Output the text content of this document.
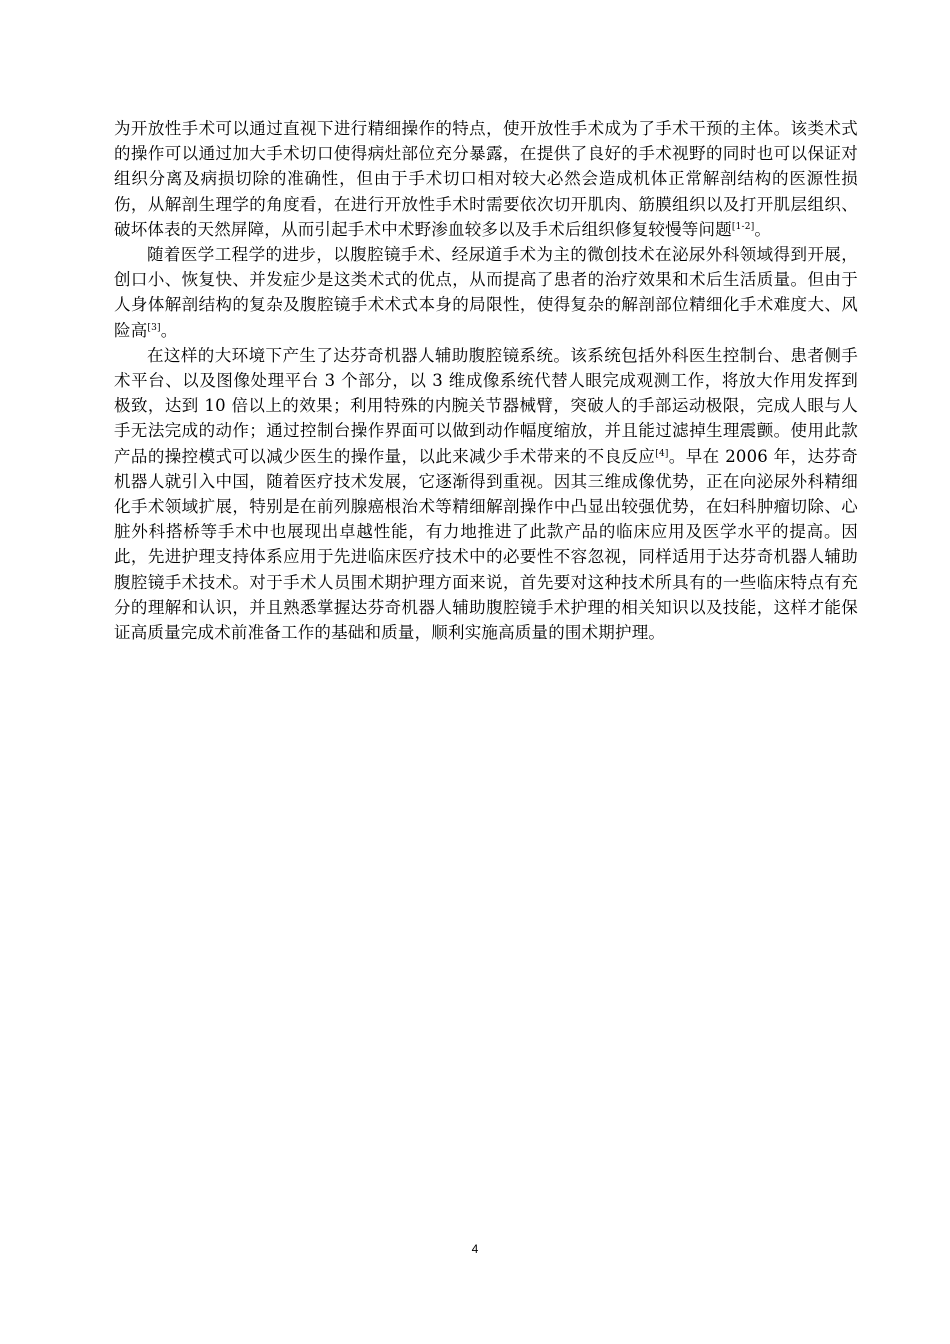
为开放性手术可以通过直视下进行精细操作的特点，使开放性手术成为了手术干预的主体。该类术式的操作可以通过加大手术切口使得病灶部位充分暴露，在提供了良好的手术视野的同时也可以保证对组织分离及病损切除的准确性，但由于手术切口相对较大必然会造成机体正常解剖结构的医源性损伤，从解剖生理学的角度看，在进行开放性手术时需要依次切开肌肉、筋膜组织以及打开肌层组织、破坏体表的天然屏障，从而引起手术中术野渗血较多以及手术后组织修复较慢等问题[1-2]。

随着医学工程学的进步，以腹腔镜手术、经尿道手术为主的微创技术在泌尿外科领域得到开展，创口小、恢复快、并发症少是这类术式的优点，从而提高了患者的治疗效果和术后生活质量。但由于人身体解剖结构的复杂及腹腔镜手术术式本身的局限性，使得复杂的解剖部位精细化手术难度大、风险高[3]。

在这样的大环境下产生了达芬奇机器人辅助腹腔镜系统。该系统包括外科医生控制台、患者侧手术平台、以及图像处理平台 3 个部分，以 3 维成像系统代替人眼完成观测工作，将放大作用发挥到极致，达到 10 倍以上的效果；利用特殊的内腕关节器械臂，突破人的手部运动极限，完成人眼与人手无法完成的动作；通过控制台操作界面可以做到动作幅度缩放，并且能过滤掉生理震颤。使用此款产品的操控模式可以减少医生的操作量，以此来减少手术带来的不良反应[4]。早在 2006 年，达芬奇机器人就引入中国，随着医疗技术发展，它逐渐得到重视。因其三维成像优势，正在向泌尿外科精细化手术领域扩展，特别是在前列腺癌根治术等精细解剖操作中凸显出较强优势，在妇科肿瘤切除、心脏外科搭桥等手术中也展现出卓越性能，有力地推进了此款产品的临床应用及医学水平的提高。因此，先进护理支持体系应用于先进临床医疗技术中的必要性不容忽视，同样适用于达芬奇机器人辅助腹腔镜手术技术。对于手术人员围术期护理方面来说，首先要对这种技术所具有的一些临床特点有充分的理解和认识，并且熟悉掌握达芬奇机器人辅助腹腔镜手术护理的相关知识以及技能，这样才能保证高质量完成术前准备工作的基础和质量，顺利实施高质量的围术期护理。

4
